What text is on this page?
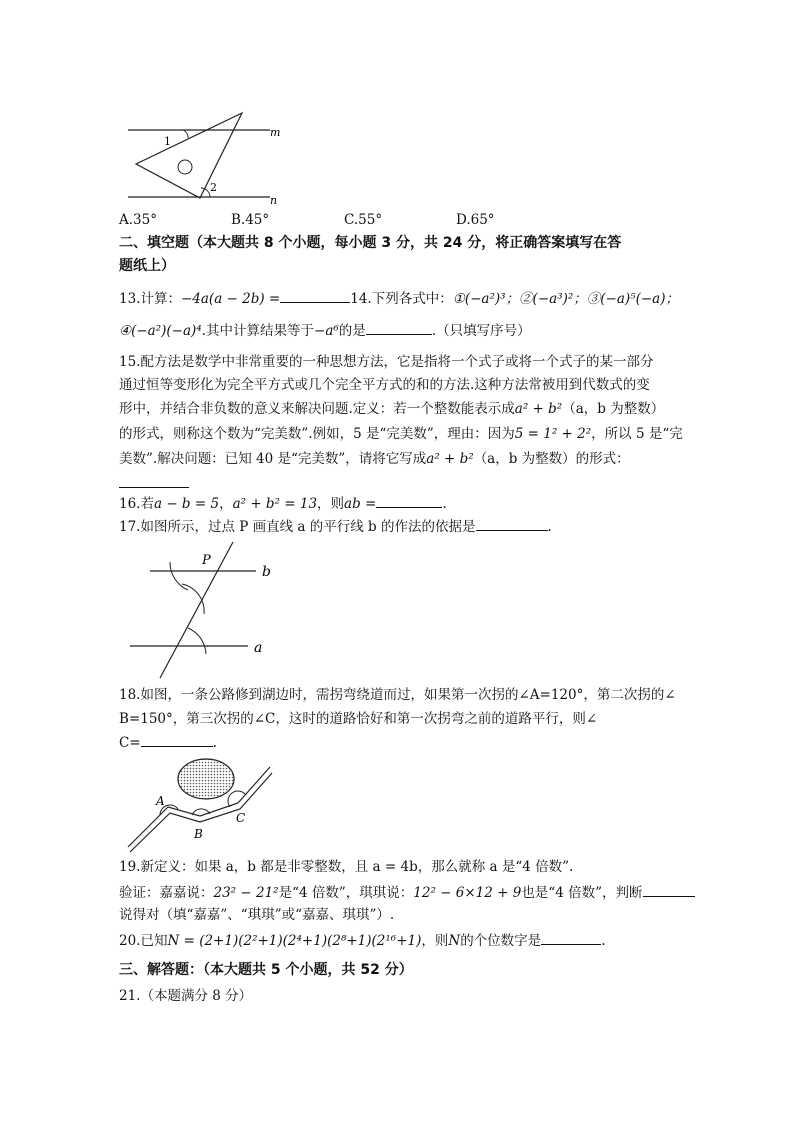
1
2
m
n
A.35°	B.45°	C.55°	D.65°
二、填空题（本大题共 8 个小题，每小题 3 分，共 24 分，将正确答案填写在答
题纸上）
13.计算：−4a(a − 2b) =	14.下列各式中：①(−a²)³；②(−a³)²；③(−a)⁵(−a)；
④(−a²)(−a)⁴.其中计算结果等于−a⁶的是	.（只填写序号）
15.配方法是数学中非常重要的一种思想方法，它是指将一个式子或将一个式子的某一部分
通过恒等变形化为完全平方式或几个完全平方式的和的方法.这种方法常被用到代数式的变
形中，并结合非负数的意义来解决问题.定义：若一个整数能表示成a² + b²（a，b 为整数）
的形式，则称这个数为“完美数”.例如，5 是“完美数”，理由：因为5 = 1² + 2²，所以 5 是“完
美数”.解决问题：已知 40 是“完美数”，请将它写成a² + b²（a，b 为整数）的形式：
16.若a − b = 5，a² + b² = 13，则ab =	.
17.如图所示，过点 P 画直线 a 的平行线 b 的作法的依据是	.
P
b
a
18.如图，一条公路修到湖边时，需拐弯绕道而过，如果第一次拐的∠A=120°，第二次拐的∠
B=150°，第三次拐的∠C，这时的道路恰好和第一次拐弯之前的道路平行，则∠
C=	.
A
B
C
19.新定义：如果 a，b 都是非零整数，且 a = 4b，那么就称 a 是“4 倍数”.
验证：嘉嘉说：23² − 21²是“4 倍数”，琪琪说：12² − 6×12 + 9也是“4 倍数”，判断
说得对（填“嘉嘉”、“琪琪”或“嘉嘉、琪琪”）.
20.已知N = (2+1)(2²+1)(2⁴+1)(2⁸+1)(2¹⁶+1)，则N的个位数字是	.
三、解答题：（本大题共 5 个小题，共 52 分）
21.（本题满分 8 分）
